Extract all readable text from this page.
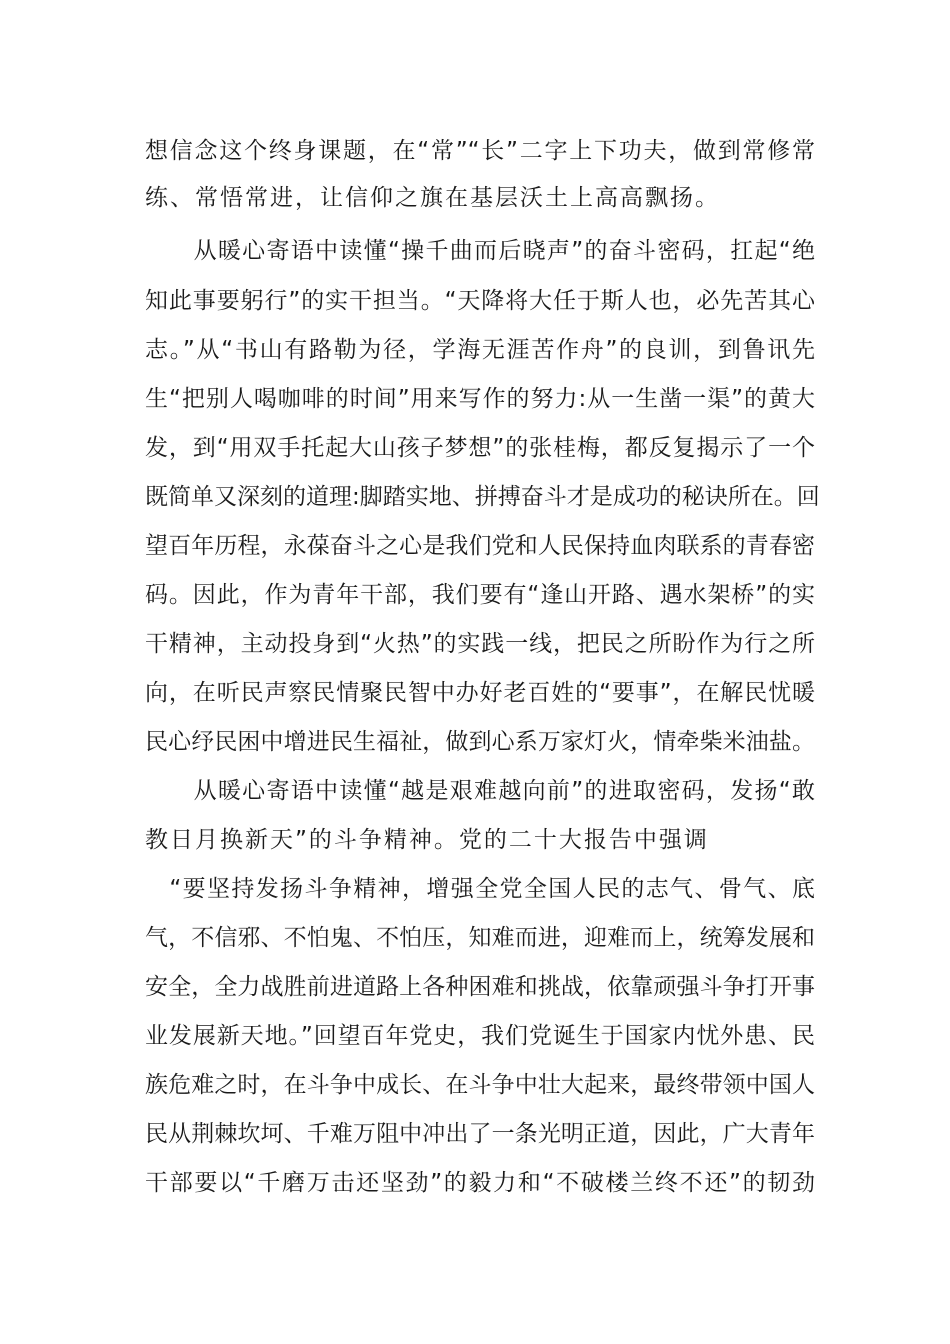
想信念这个终身课题，在“常”“长”二字上下功夫，做到常修常
练、常悟常进，让信仰之旗在基层沃土上高高飘扬。
　　从暖心寄语中读懂“操千曲而后晓声”的奋斗密码，扛起“绝
知此事要躬行”的实干担当。“天降将大任于斯人也，必先苦其心
志。”从“书山有路勒为径，学海无涯苦作舟”的良训，到鲁讯先
生“把别人喝咖啡的时间”用来写作的努力:从一生凿一渠”的黄大
发，到“用双手托起大山孩子梦想”的张桂梅，都反复揭示了一个
既简单又深刻的道理:脚踏实地、拼搏奋斗才是成功的秘诀所在。回
望百年历程，永葆奋斗之心是我们党和人民保持血肉联系的青春密
码。因此，作为青年干部，我们要有“逢山开路、遇水架桥”的实
干精神，主动投身到“火热”的实践一线，把民之所盼作为行之所
向，在听民声察民情聚民智中办好老百姓的“要事”，在解民忧暖
民心纾民困中增进民生福祉，做到心系万家灯火，情牵柴米油盐。
　　从暖心寄语中读懂“越是艰难越向前”的进取密码，发扬“敢
教日月换新天”的斗争精神。党的二十大报告中强调
　“要坚持发扬斗争精神，增强全党全国人民的志气、骨气、底
气，不信邪、不怕鬼、不怕压，知难而进，迎难而上，统筹发展和
安全，全力战胜前进道路上各种困难和挑战，依靠顽强斗争打开事
业发展新天地。”回望百年党史，我们党诞生于国家内忧外患、民
族危难之时，在斗争中成长、在斗争中壮大起来，最终带领中国人
民从荆棘坎坷、千难万阻中冲出了一条光明正道，因此，广大青年
干部要以“千磨万击还坚劲”的毅力和“不破楼兰终不还”的韧劲
